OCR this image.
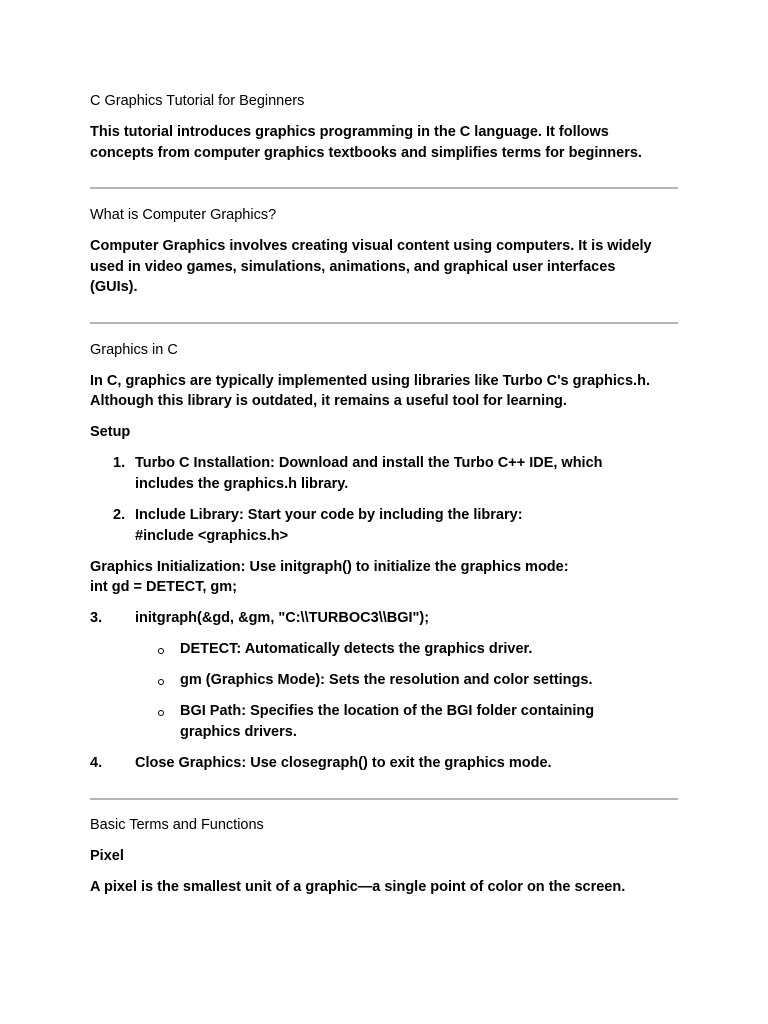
C Graphics Tutorial for Beginners

This tutorial introduces graphics programming in the C language. It follows

concepts from computer graphics textbooks and simplifies terms for beginners.

What is Computer Graphics?

Computer Graphics involves creating visual content using computers. It is widely

used in video games, simulations, animations, and graphical user interfaces

(GUIs).

Graphics in C

In C, graphics are typically implemented using libraries like Turbo C's graphics.h.

Although this library is outdated, it remains a useful tool for learning.

Setup

1. Turbo C Installation: Download and install the Turbo C++ IDE, which

includes the graphics.h library.

2. Include Library: Start your code by including the library:

#include <graphics.h>

Graphics Initialization: Use initgraph() to initialize the graphics mode:

int gd = DETECT, gm;

3. initgraph(&gd, &gm, "C:\\TURBOC3\\BGI");

DETECT: Automatically detects the graphics driver.

gm (Graphics Mode): Sets the resolution and color settings.

BGI Path: Specifies the location of the BGI folder containing

graphics drivers.

4. Close Graphics: Use closegraph() to exit the graphics mode.

Basic Terms and Functions

Pixel

A pixel is the smallest unit of a graphic—a single point of color on the screen.
